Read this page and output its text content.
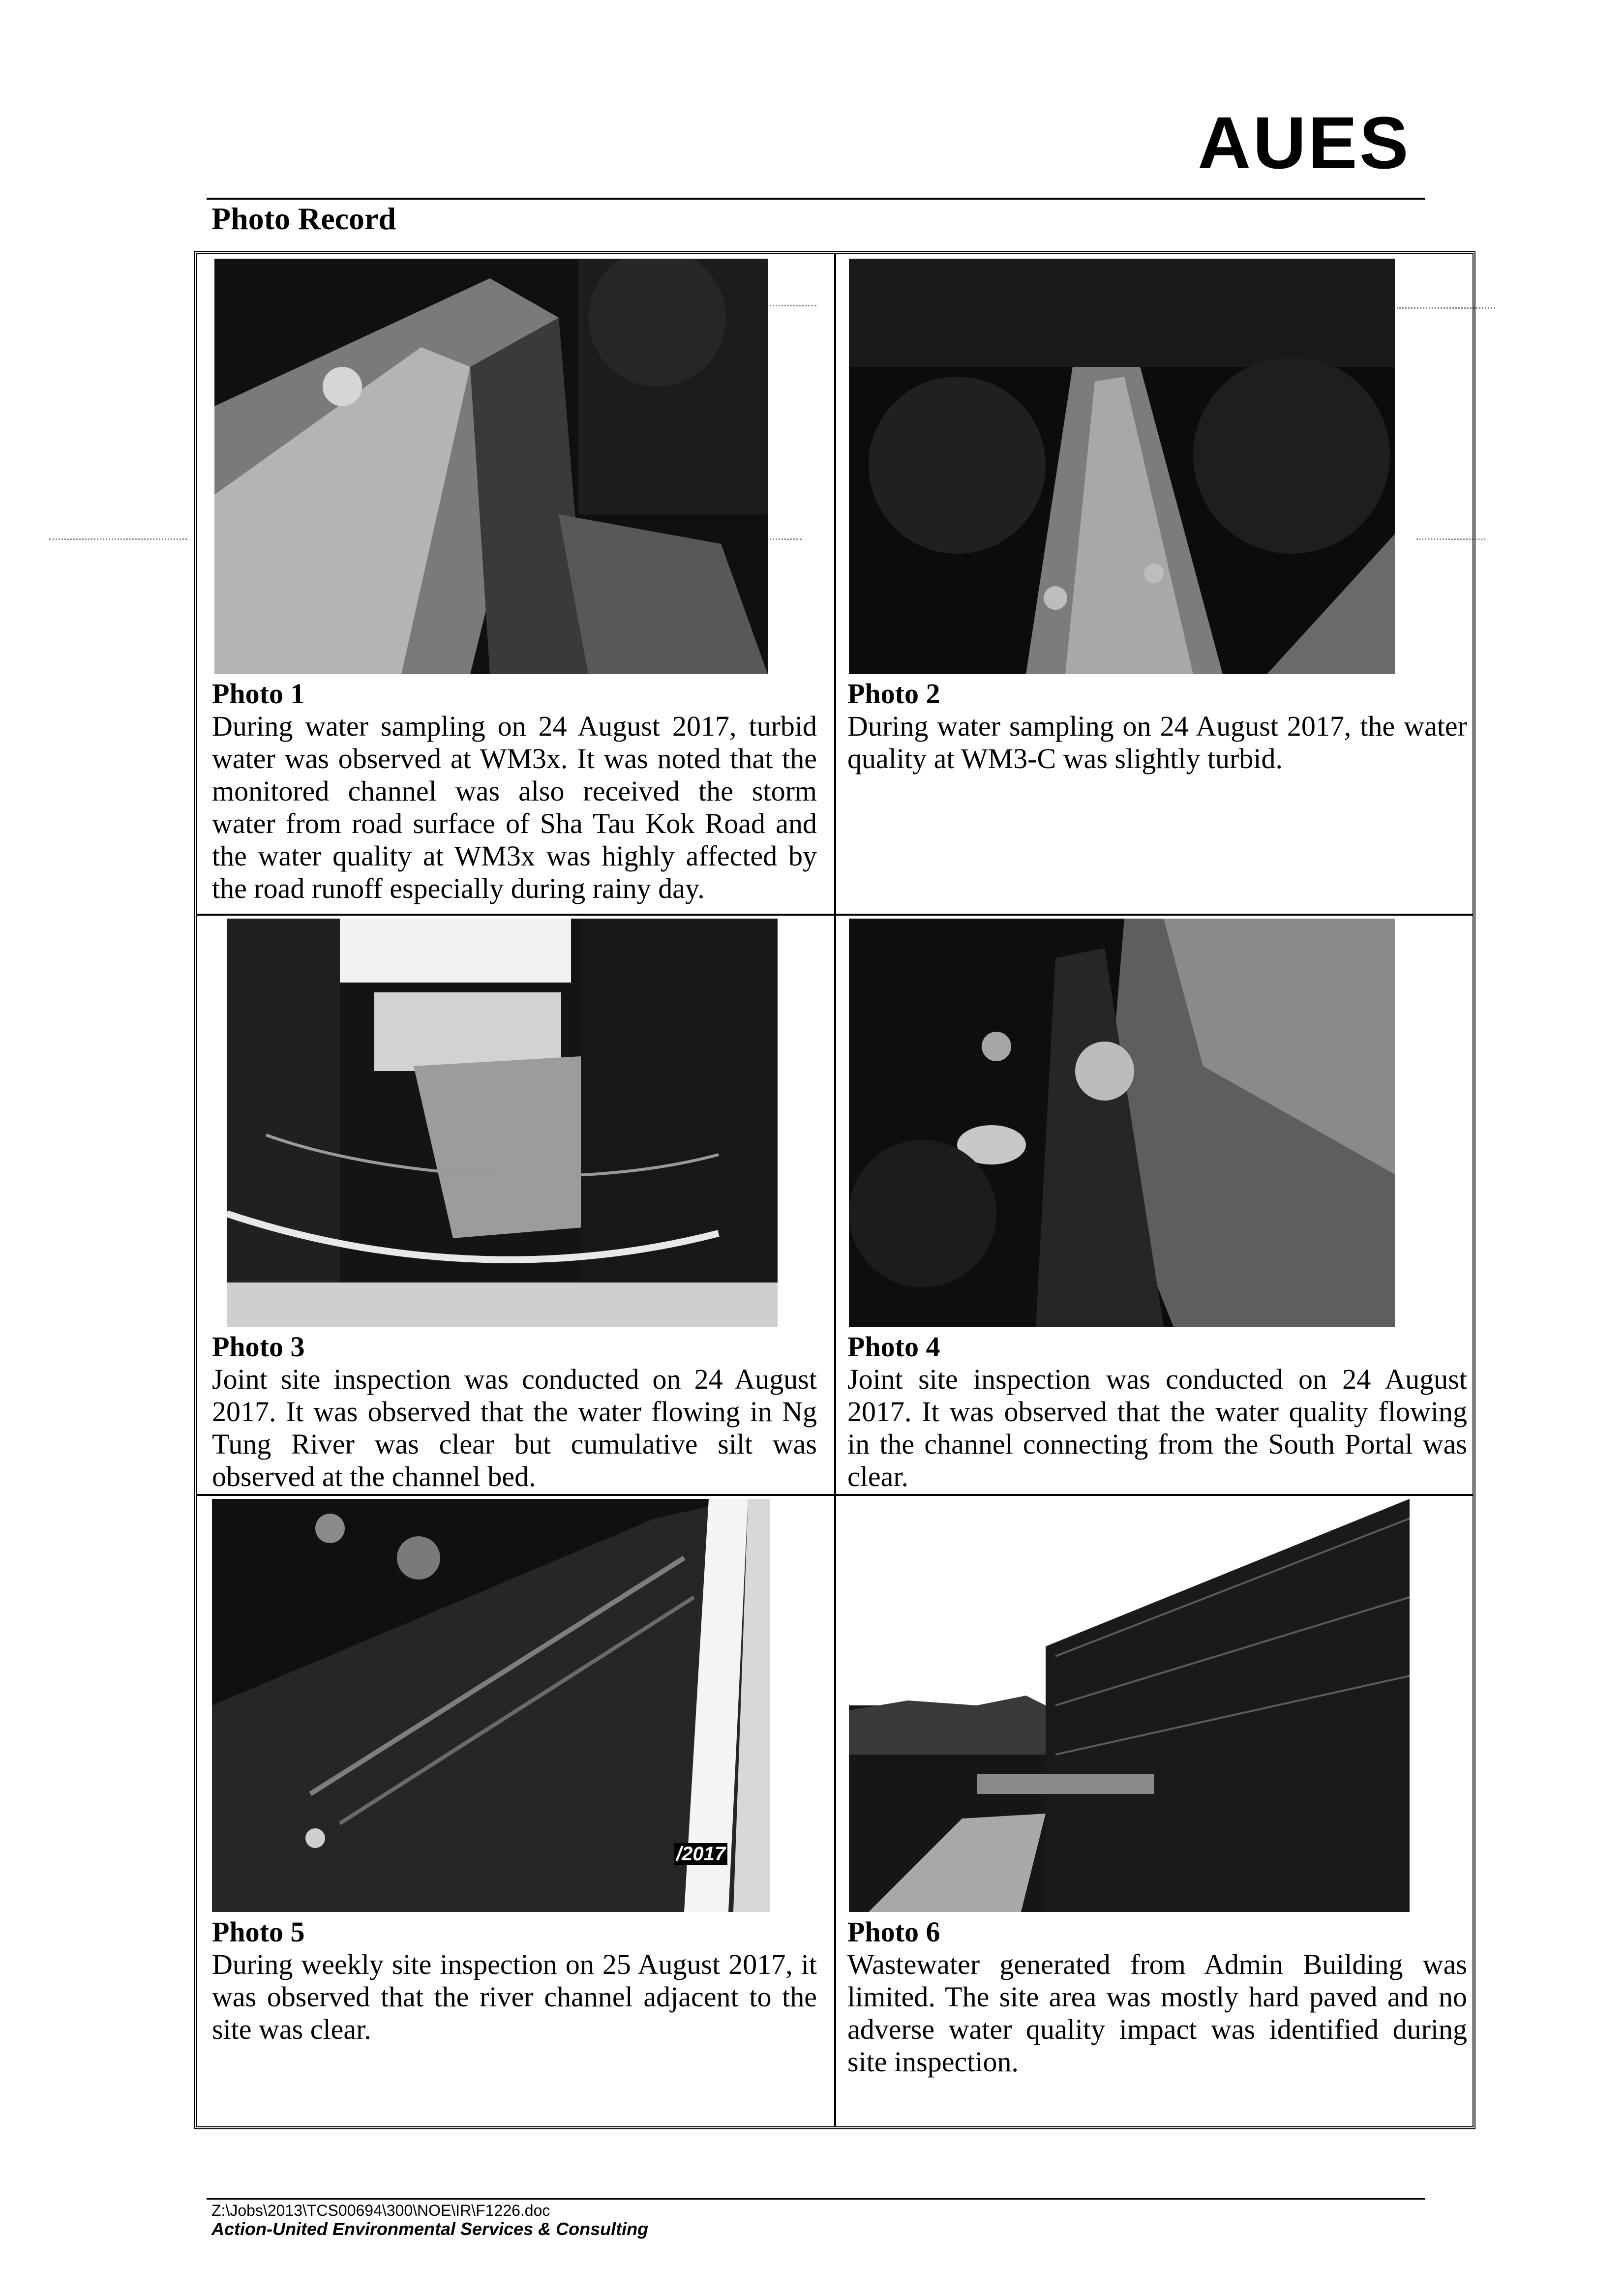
AUES
Photo Record
Photo 1
During water sampling on 24 August 2017, turbid water was observed at WM3x. It was noted that the monitored channel was also received the storm water from road surface of Sha Tau Kok Road and the water quality at WM3x was highly affected by the road runoff especially during rainy day.
Photo 2
During water sampling on 24 August 2017, the water quality at WM3-C was slightly turbid.
Photo 3
Joint site inspection was conducted on 24 August 2017. It was observed that the water flowing in Ng Tung River was clear but cumulative silt was observed at the channel bed.
Photo 4
Joint site inspection was conducted on 24 August 2017. It was observed that the water quality flowing in the channel connecting from the South Portal was clear.
/2017
Photo 5
During weekly site inspection on 25 August 2017, it was observed that the river channel adjacent to the site was clear.
Photo 6
Wastewater generated from Admin Building was limited. The site area was mostly hard paved and no adverse water quality impact was identified during site inspection.
Z:\Jobs\2013\TCS00694\300\NOE\IR\F1226.doc
Action-United Environmental Services & Consulting
